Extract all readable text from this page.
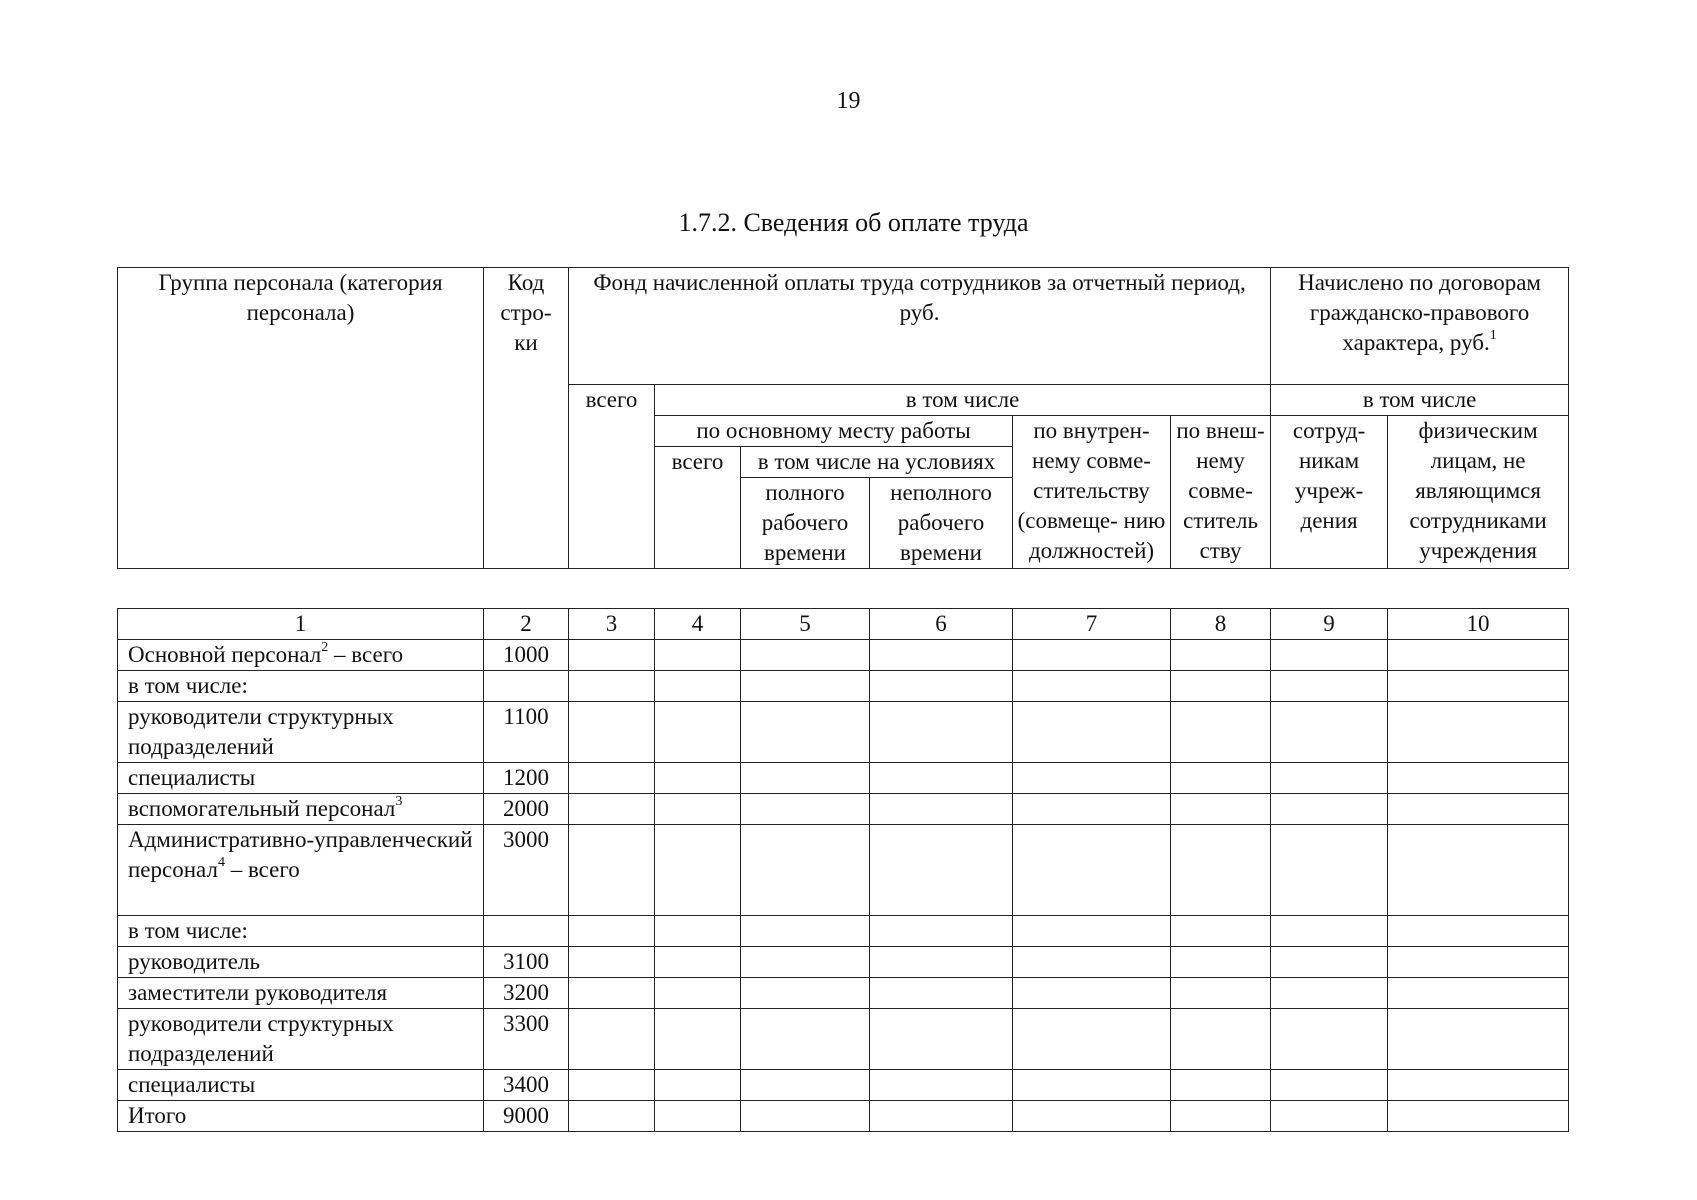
19
1.7.2. Сведения об оплате труда
Группа персонала (категория персонала)	Код стро- ки	Фонд начисленной оплаты труда сотрудников за отчетный период, руб.						Начислено по договорам гражданско-правового характера, руб.$^1$
		всего	в том числе					в том числе	
			по основному месту работы			по внутрен- нему совме- стительству (совмеще- нию должностей)	по внеш- нему совме- ститель ству	сотруд- никам учреж- дения	физическим лицам, не являющимся сотрудниками учреждения
			всего	в том числе на условиях					

				полного рабочего времени	неполного рабочего времени				
1	2	3	4	5	6	7	8	9	10
Основной персонал$^2$ – всего	1000								
в том числе:									
руководители структурных подразделений	1100								
специалисты	1200								
вспомогательный персонал$^3$	2000								
Административно-управленческий персонал$^4$ – всего	3000								
в том числе:									
руководитель	3100								
заместители руководителя	3200								
руководители структурных подразделений	3300								
специалисты	3400								
Итого	9000								
